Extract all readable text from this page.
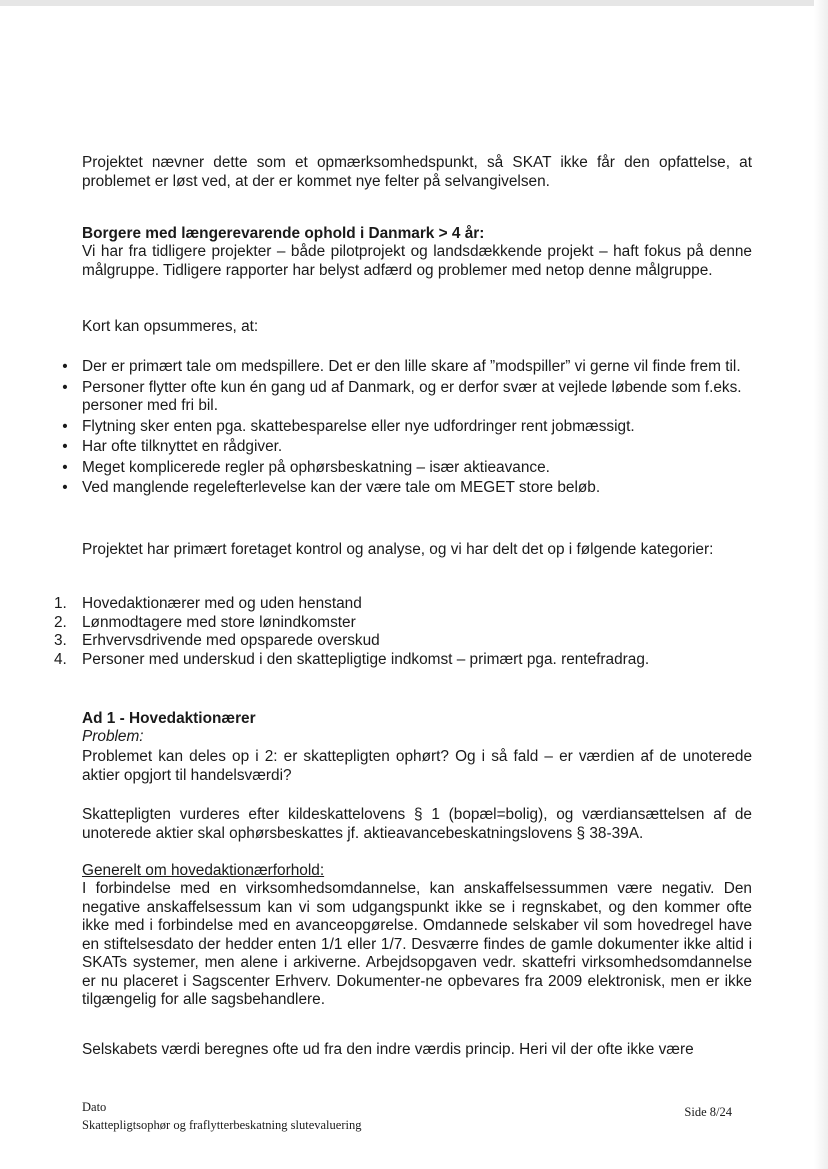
Projektet nævner dette som et opmærksomhedspunkt, så SKAT ikke får den opfattelse, at problemet er løst ved, at der er kommet nye felter på selvangivelsen.
Borgere med længerevarende ophold i Danmark > 4 år:
Vi har fra tidligere projekter – både pilotprojekt og landsdækkende projekt – haft fokus på denne målgruppe. Tidligere rapporter har belyst adfærd og problemer med netop denne målgruppe.
Kort kan opsummeres, at:
• Der er primært tale om medspillere. Det er den lille skare af ”modspiller” vi gerne vil finde frem til.
• Personer flytter ofte kun én gang ud af Danmark, og er derfor svær at vejlede løbende som f.eks. personer med fri bil.
• Flytning sker enten pga. skattebesparelse eller nye udfordringer rent jobmæssigt.
• Har ofte tilknyttet en rådgiver.
• Meget komplicerede regler på ophørsbeskatning – især aktieavance.
• Ved manglende regelefterlevelse kan der være tale om MEGET store beløb.
Projektet har primært foretaget kontrol og analyse, og vi har delt det op i følgende kategorier:
1. Hovedaktionærer med og uden henstand
2. Lønmodtagere med store lønindkomster
3. Erhvervsdrivende med opsparede overskud
4. Personer med underskud i den skattepligtige indkomst – primært pga. rentefradrag.
Ad 1 - Hovedaktionærer
Problem:
Problemet kan deles op i 2: er skattepligten ophørt? Og i så fald – er værdien af de unoterede aktier opgjort til handelsværdi?
Skattepligten vurderes efter kildeskattelovens § 1 (bopæl=bolig), og værdiansættelsen af de unoterede aktier skal ophørsbeskattes jf. aktieavancebeskatningslovens § 38-39A.
Generelt om hovedaktionærforhold:
I forbindelse med en virksomhedsomdannelse, kan anskaffelsessummen være negativ. Den negative anskaffelsessum kan vi som udgangspunkt ikke se i regnskabet, og den kommer ofte ikke med i forbindelse med en avanceopgørelse. Omdannede selskaber vil som hovedregel have en stiftelsesdato der hedder enten 1/1 eller 1/7. Desværre findes de gamle dokumenter ikke altid i SKATs systemer, men alene i arkiverne. Arbejdsopgaven vedr. skattefri virksomhedsomdannelse er nu placeret i Sagscenter Erhverv. Dokumenter-ne opbevares fra 2009 elektronisk, men er ikke tilgængelig for alle sagsbehandlere.
Selskabets værdi beregnes ofte ud fra den indre værdis princip. Heri vil der ofte ikke være
Dato
Skattepligtsophør og fraflytterbeskatning slutevaluering
Side 8/24
